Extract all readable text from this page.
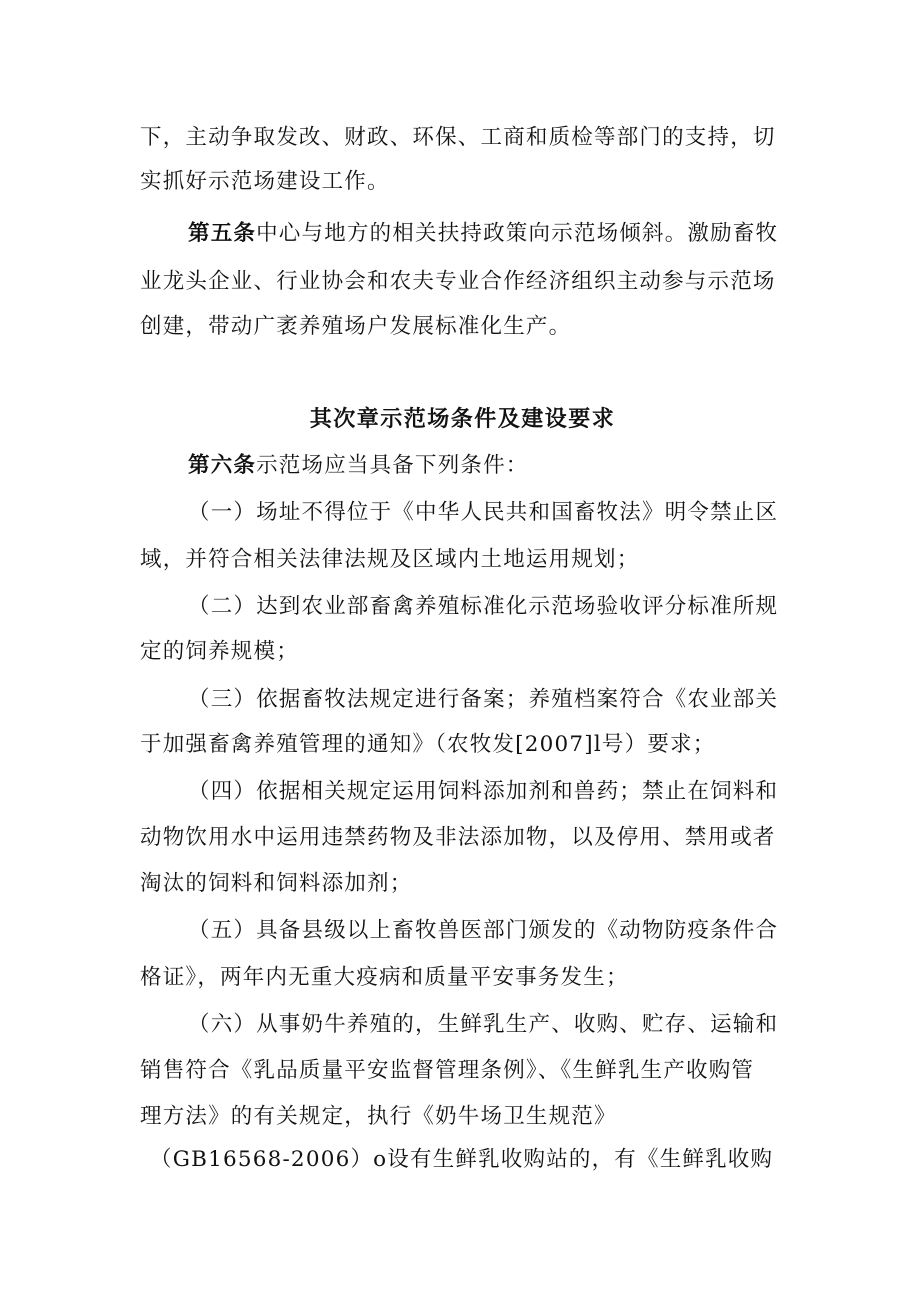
下，主动争取发改、财政、环保、工商和质检等部门的支持，切
实抓好示范场建设工作。
第五条中心与地方的相关扶持政策向示范场倾斜。激励畜牧
业龙头企业、行业协会和农夫专业合作经济组织主动参与示范场
创建，带动广袤养殖场户发展标准化生产。
其次章示范场条件及建设要求
第六条示范场应当具备下列条件：
（一）场址不得位于《中华人民共和国畜牧法》明令禁止区
域，并符合相关法律法规及区域内土地运用规划；
（二）达到农业部畜禽养殖标准化示范场验收评分标准所规
定的饲养规模；
（三）依据畜牧法规定进行备案；养殖档案符合《农业部关
于加强畜禽养殖管理的通知》（农牧发[2007]l号）要求；
（四）依据相关规定运用饲料添加剂和兽药；禁止在饲料和
动物饮用水中运用违禁药物及非法添加物，以及停用、禁用或者
淘汰的饲料和饲料添加剂；
（五）具备县级以上畜牧兽医部门颁发的《动物防疫条件合
格证》，两年内无重大疫病和质量平安事务发生；
（六）从事奶牛养殖的，生鲜乳生产、收购、贮存、运输和
销售符合《乳品质量平安监督管理条例》、《生鲜乳生产收购管
理方法》的有关规定，执行《奶牛场卫生规范》
（GB16568-2006）o设有生鲜乳收购站的，有《生鲜乳收购
